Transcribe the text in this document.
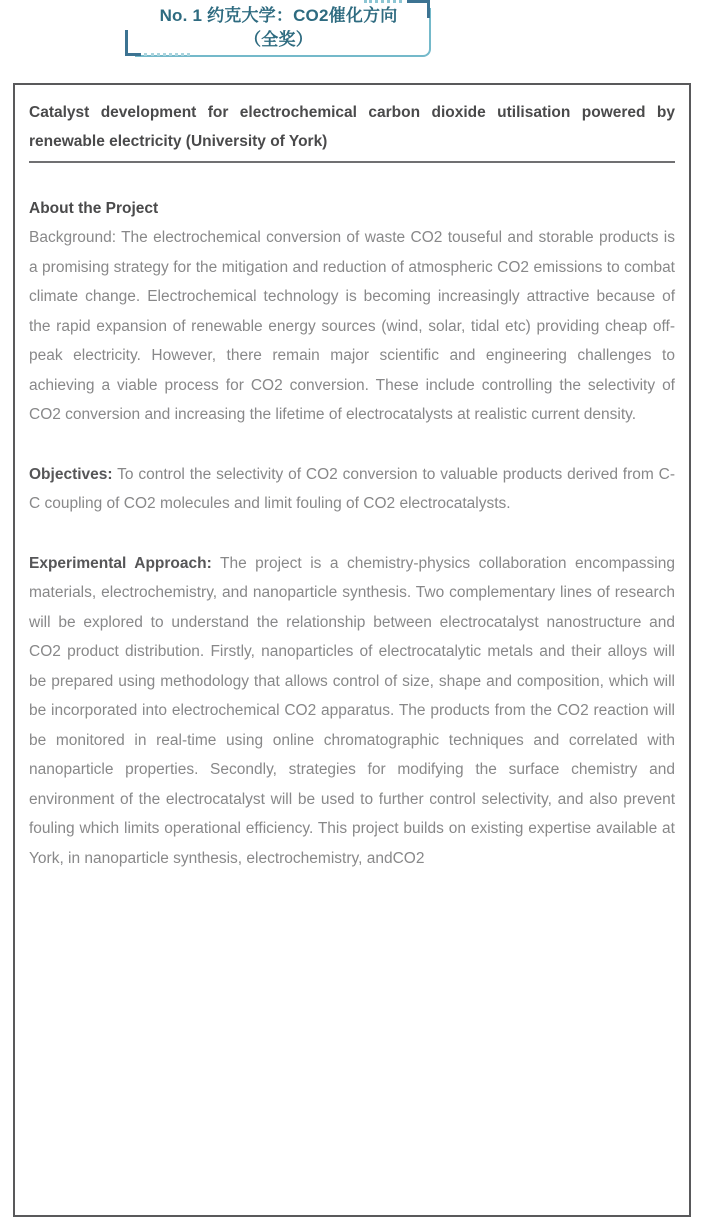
No. 1 约克大学：CO2催化方向
（全奖）
Catalyst development for electrochemical carbon dioxide utilisation powered by renewable electricity (University of York)
About the Project

Background: The electrochemical conversion of waste CO2 touseful and storable products is a promising strategy for the mitigation and reduction of atmospheric CO2 emissions to combat climate change. Electrochemical technology is becoming increasingly attractive because of the rapid expansion of renewable energy sources (wind, solar, tidal etc) providing cheap off-peak electricity. However, there remain major scientific and engineering challenges to achieving a viable process for CO2 conversion. These include controlling the selectivity of CO2 conversion and increasing the lifetime of electrocatalysts at realistic current density.

Objectives: To control the selectivity of CO2 conversion to valuable products derived from C-C coupling of CO2 molecules and limit fouling of CO2 electrocatalysts.

Experimental Approach: The project is a chemistry-physics collaboration encompassing materials, electrochemistry, and nanoparticle synthesis. Two complementary lines of research will be explored to understand the relationship between electrocatalyst nanostructure and CO2 product distribution. Firstly, nanoparticles of electrocatalytic metals and their alloys will be prepared using methodology that allows control of size, shape and composition, which will be incorporated into electrochemical CO2 apparatus. The products from the CO2 reaction will be monitored in real-time using online chromatographic techniques and correlated with nanoparticle properties. Secondly, strategies for modifying the surface chemistry and environment of the electrocatalyst will be used to further control selectivity, and also prevent fouling which limits operational efficiency. This project builds on existing expertise available at York, in nanoparticle synthesis, electrochemistry, andCO2
